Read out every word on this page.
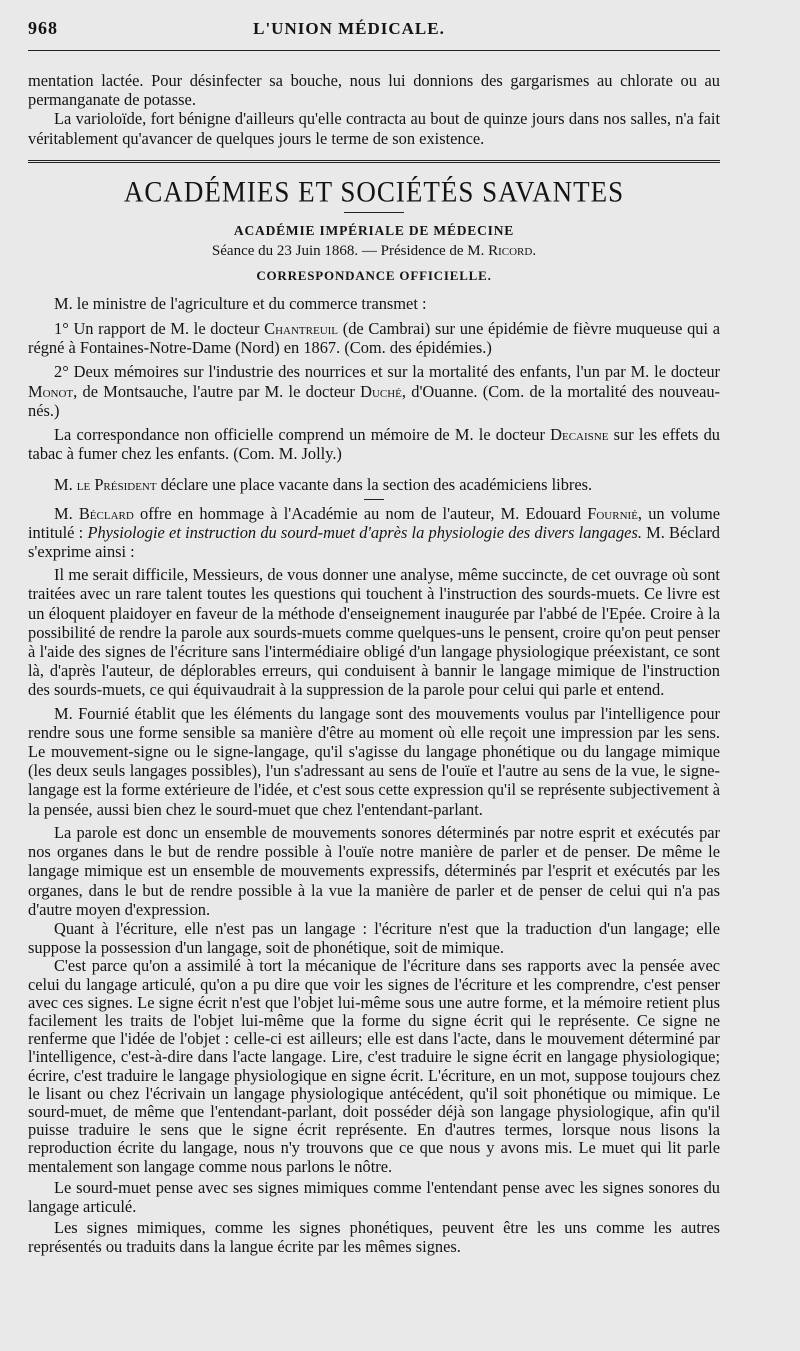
968	L'UNION MÉDICALE.

mentation lactée. Pour désinfecter sa bouche, nous lui donnions des gargarismes au chlorate ou au permanganate de potasse.

La varioloïde, fort bénigne d'ailleurs qu'elle contracta au bout de quinze jours dans nos salles, n'a fait véritablement qu'avancer de quelques jours le terme de son existence.

ACADÉMIES ET SOCIÉTÉS SAVANTES
ACADÉMIE IMPÉRIALE DE MÉDECINE
Séance du 23 Juin 1868. — Présidence de M. Ricord.
CORRESPONDANCE OFFICIELLE.

M. le ministre de l'agriculture et du commerce transmet :

1° Un rapport de M. le docteur Chantreuil (de Cambrai) sur une épidémie de fièvre muqueuse qui a régné à Fontaines-Notre-Dame (Nord) en 1867. (Com. des épidémies.)

2° Deux mémoires sur l'industrie des nourrices et sur la mortalité des enfants, l'un par M. le docteur Monot, de Montsauche, l'autre par M. le docteur Duché, d'Ouanne. (Com. de la mortalité des nouveau-nés.)

La correspondance non officielle comprend un mémoire de M. le docteur Decaisne sur les effets du tabac à fumer chez les enfants. (Com. M. Jolly.)

M. le Président déclare une place vacante dans la section des académiciens libres.

M. Béclard offre en hommage à l'Académie au nom de l'auteur, M. Edouard Fournié, un volume intitulé : Physiologie et instruction du sourd-muet d'après la physiologie des divers langages. M. Béclard s'exprime ainsi :

Il me serait difficile, Messieurs, de vous donner une analyse, même succincte, de cet ouvrage où sont traitées avec un rare talent toutes les questions qui touchent à l'instruction des sourds-muets. Ce livre est un éloquent plaidoyer en faveur de la méthode d'enseignement inaugurée par l'abbé de l'Epée. Croire à la possibilité de rendre la parole aux sourds-muets comme quelques-uns le pensent, croire qu'on peut penser à l'aide des signes de l'écriture sans l'intermédiaire obligé d'un langage physiologique préexistant, ce sont là, d'après l'auteur, de déplorables erreurs, qui conduisent à bannir le langage mimique de l'instruction des sourds-muets, ce qui équivaudrait à la suppression de la parole pour celui qui parle et entend.

M. Fournié établit que les éléments du langage sont des mouvements voulus par l'intelligence pour rendre sous une forme sensible sa manière d'être au moment où elle reçoit une impression par les sens. Le mouvement-signe ou le signe-langage, qu'il s'agisse du langage phonétique ou du langage mimique (les deux seuls langages possibles), l'un s'adressant au sens de l'ouïe et l'autre au sens de la vue, le signe-langage est la forme extérieure de l'idée, et c'est sous cette expression qu'il se représente subjectivement à la pensée, aussi bien chez le sourd-muet que chez l'entendant-parlant.

La parole est donc un ensemble de mouvements sonores déterminés par notre esprit et exécutés par nos organes dans le but de rendre possible à l'ouïe notre manière de parler et de penser. De même le langage mimique est un ensemble de mouvements expressifs, déterminés par l'esprit et exécutés par les organes, dans le but de rendre possible à la vue la manière de parler et de penser de celui qui n'a pas d'autre moyen d'expression.

Quant à l'écriture, elle n'est pas un langage : l'écriture n'est que la traduction d'un langage; elle suppose la possession d'un langage, soit de phonétique, soit de mimique.

C'est parce qu'on a assimilé à tort la mécanique de l'écriture dans ses rapports avec la pensée avec celui du langage articulé, qu'on a pu dire que voir les signes de l'écriture et les comprendre, c'est penser avec ces signes. Le signe écrit n'est que l'objet lui-même sous une autre forme, et la mémoire retient plus facilement les traits de l'objet lui-même que la forme du signe écrit qui le représente. Ce signe ne renferme que l'idée de l'objet : celle-ci est ailleurs; elle est dans l'acte, dans le mouvement déterminé par l'intelligence, c'est-à-dire dans l'acte langage. Lire, c'est traduire le signe écrit en langage physiologique; écrire, c'est traduire le langage physiologique en signe écrit. L'écriture, en un mot, suppose toujours chez le lisant ou chez l'écrivain un langage physiologique antécédent, qu'il soit phonétique ou mimique. Le sourd-muet, de même que l'entendant-parlant, doit posséder déjà son langage physiologique, afin qu'il puisse traduire le sens que le signe écrit représente. En d'autres termes, lorsque nous lisons la reproduction écrite du langage, nous n'y trouvons que ce que nous y avons mis. Le muet qui lit parle mentalement son langage comme nous parlons le nôtre.

Le sourd-muet pense avec ses signes mimiques comme l'entendant pense avec les signes sonores du langage articulé.

Les signes mimiques, comme les signes phonétiques, peuvent être les uns comme les autres représentés ou traduits dans la langue écrite par les mêmes signes.
